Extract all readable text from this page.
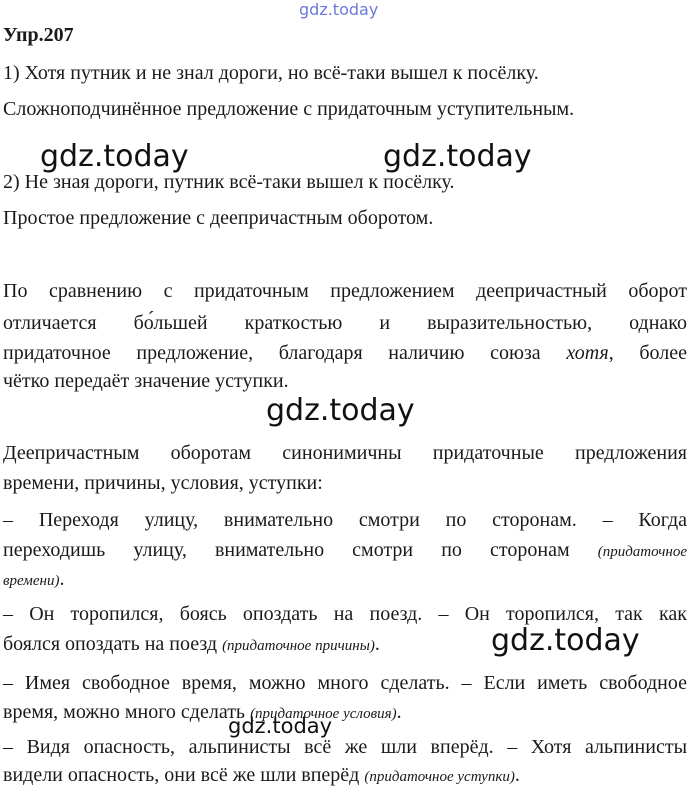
gdz.today
gdz.today	gdz.today
gdz.today
gdz.today
gdz.today
Упр.207
1) Хотя путник и не знал дороги, но всё-таки вышел к посёлку.
Сложноподчинённое предложение с придаточным уступительным.
2) Не зная дороги, путник всё-таки вышел к посёлку.
Простое предложение с деепричастным оборотом.
По сравнению с придаточным предложением деепричастный оборот
отличается бо́льшей краткостью и выразительностью, однако
придаточное предложение, благодаря наличию союза хотя, более
чётко передаёт значение уступки.
Деепричастным оборотам синонимичны придаточные предложения
времени, причины, условия, уступки:
– Переходя улицу, внимательно смотри по сторонам. – Когда
переходишь улицу, внимательно смотри по сторонам (придаточное
времени).
– Он торопился, боясь опоздать на поезд. – Он торопился, так как
боялся опоздать на поезд (придаточное причины).
– Имея свободное время, можно много сделать. – Если иметь свободное
время, можно много сделать (придаточное условия).
– Видя опасность, альпинисты всё же шли вперёд. – Хотя альпинисты
видели опасность, они всё же шли вперёд (придаточное уступки).
